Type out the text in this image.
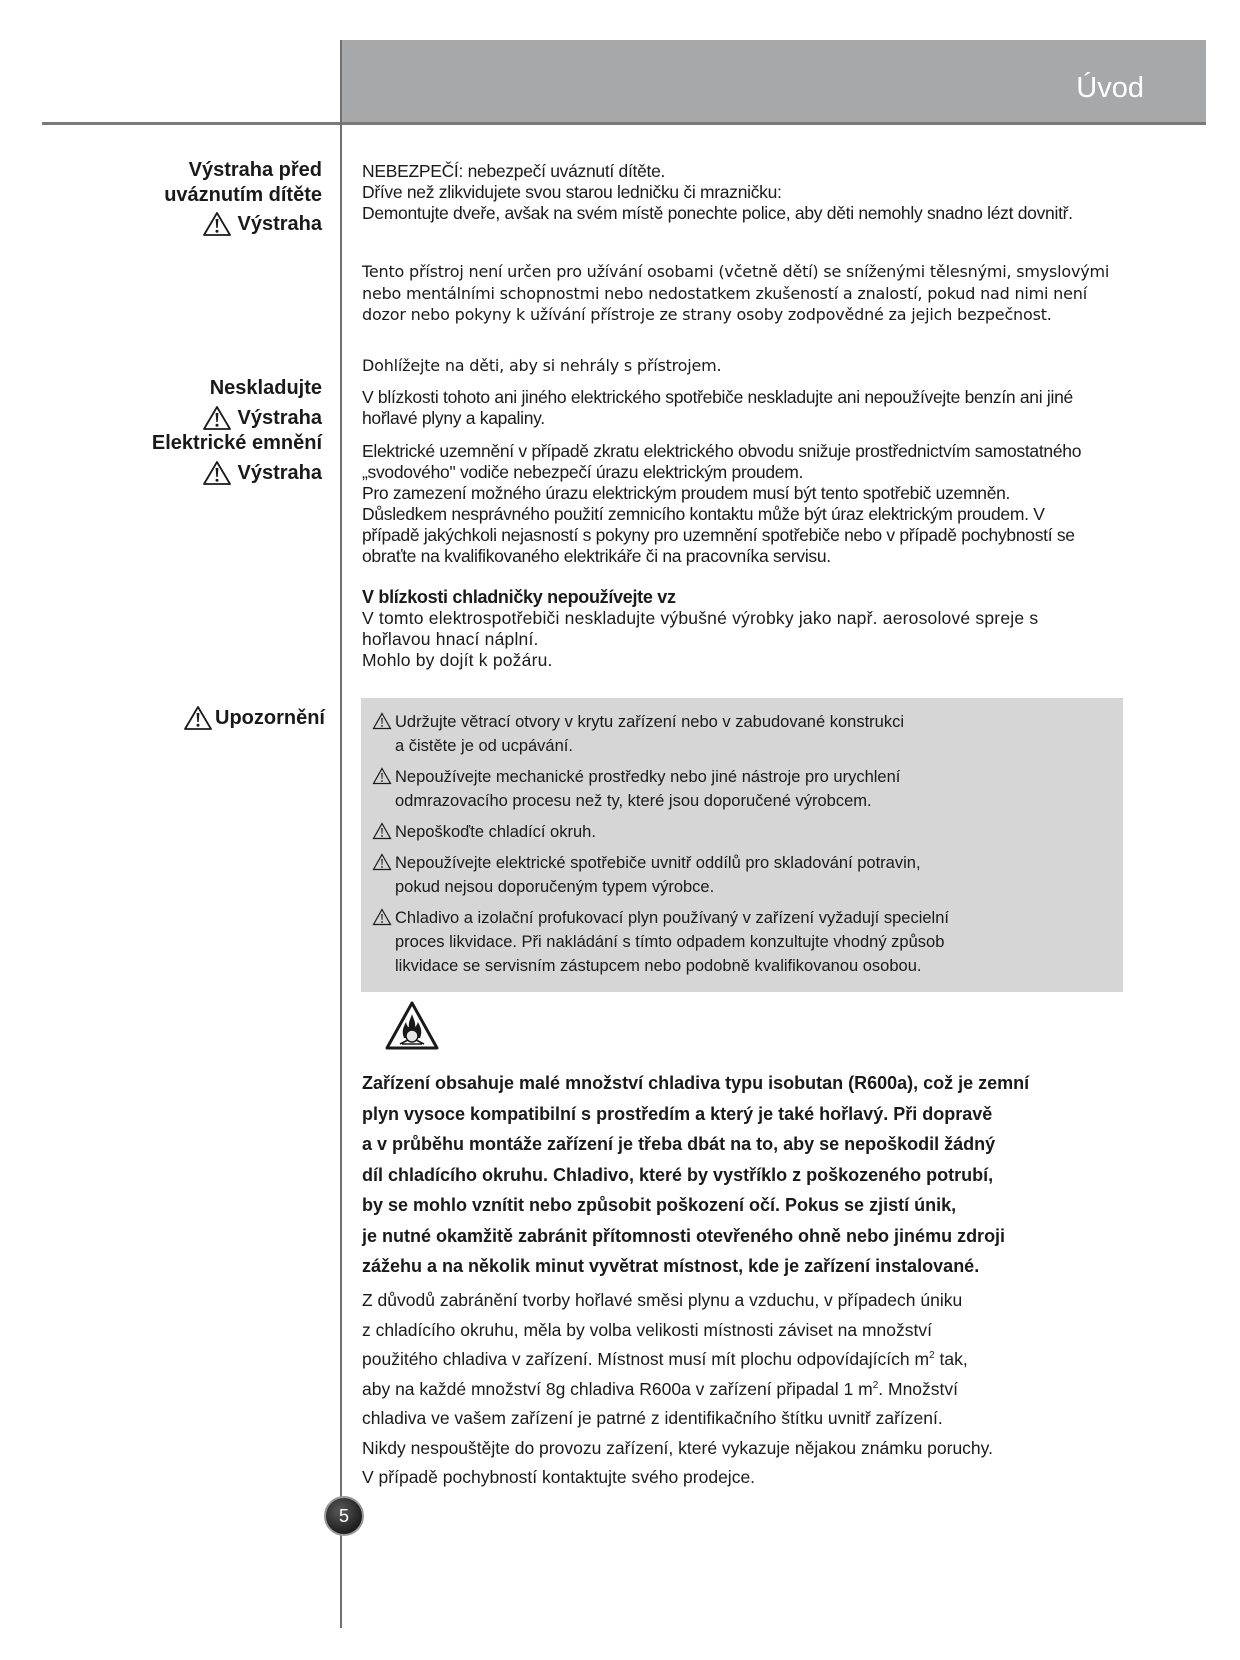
Úvod
Výstraha před
uváznutím dítěte
Výstraha
Neskladujte
Výstraha
Elektrické emnění
Výstraha
Upozornění

NEBEZPEČÍ: nebezpečí uváznutí dítěte.

Dříve než zlikvidujete svou starou ledničku či mrazničku:

Demontujte dveře, avšak na svém místě ponechte police, aby děti nemohly snadno lézt dovnitř.

Tento přístroj není určen pro užívání osobami (včetně dětí) se sníženými tělesnými, smyslovými nebo mentálními schopnostmi nebo nedostatkem zkušeností a znalostí, pokud nad nimi není dozor nebo pokyny k užívání přístroje ze strany osoby zodpovědné za jejich bezpečnost.
Dohlížejte na děti, aby si nehrály s přístrojem.
V blízkosti tohoto ani jiného elektrického spotřebiče neskladujte ani nepoužívejte benzín ani jiné hořlavé plyny a kapaliny.

Elektrické uzemnění v případě zkratu elektrického obvodu snižuje prostřednictvím samostatného „svodového" vodiče nebezpečí úrazu elektrickým proudem.

Pro zamezení možného úrazu elektrickým proudem musí být tento spotřebič uzemněn.

Důsledkem nesprávného použití zemnicího kontaktu může být úraz elektrickým proudem. V případě jakýchkoli nejasností s pokyny pro uzemnění spotřebiče nebo v případě pochybností se obraťte na kvalifikovaného elektrikáře či na pracovníka servisu.

V blízkosti chladničky nepoužívejte vz

V tomto elektrospotřebiči neskladujte výbušné výrobky jako např. aerosolové spreje s hořlavou hnací náplní.

Mohlo by dojít k požáru.

Udržujte větrací otvory v krytu zařízení nebo v zabudované konstrukci
a čistěte je od ucpávání.
Nepoužívejte mechanické prostředky nebo jiné nástroje pro urychlení
odmrazovacího procesu než ty, které jsou doporučené výrobcem.
Nepoškoďte chladící okruh.
Nepoužívejte elektrické spotřebiče uvnitř oddílů pro skladování potravin,
pokud nejsou doporučeným typem výrobce.
Chladivo a izolační profukovací plyn používaný v zařízení vyžadují specielní
proces likvidace. Při nakládání s tímto odpadem konzultujte vhodný způsob
likvidace se servisním zástupcem nebo podobně kvalifikovanou osobou.
Zařízení obsahuje malé množství chladiva typu isobutan (R600a), což je zemní
plyn vysoce kompatibilní s prostředím a který je také hořlavý. Při dopravě
a v průběhu montáže zařízení je třeba dbát na to, aby se nepoškodil žádný
díl chladícího okruhu. Chladivo, které by vystříklo z poškozeného potrubí,
by se mohlo vznítit nebo způsobit poškození očí. Pokus se zjistí únik,
je nutné okamžitě zabránit přítomnosti otevřeného ohně nebo jinému zdroji
zážehu a na několik minut vyvětrat místnost, kde je zařízení instalované.
Z důvodů zabránění tvorby hořlavé směsi plynu a vzduchu, v případech úniku
z chladícího okruhu, měla by volba velikosti místnosti záviset na množství
použitého chladiva v zařízení. Místnost musí mít plochu odpovídajících $m^2$ tak,
aby na každé množství 8g chladiva R600a v zařízení připadal 1 $m^2$. Množství
chladiva ve vašem zařízení je patrné z identifikačního štítku uvnitř zařízení.
Nikdy nespouštějte do provozu zařízení, které vykazuje nějakou známku poruchy.
V případě pochybností kontaktujte svého prodejce.
5
